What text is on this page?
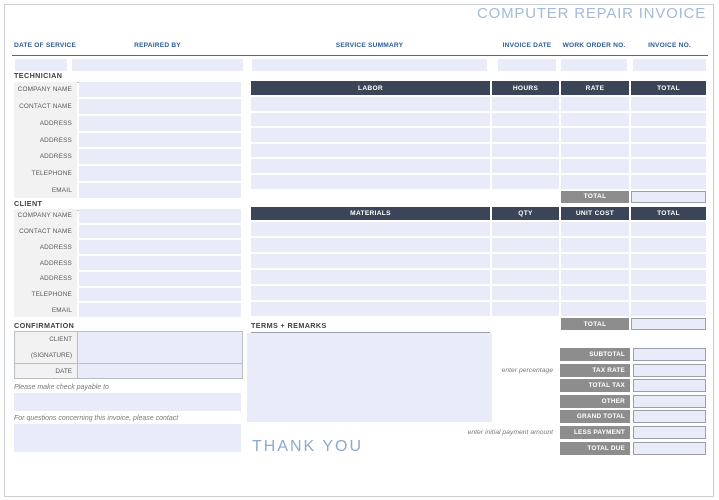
COMPUTER REPAIR INVOICE
DATE OF SERVICE	REPAIRED BY	SERVICE SUMMARY	INVOICE DATE	WORK ORDER NO.	INVOICE NO.
TECHNICIAN
COMPANY NAME
CONTACT NAME
ADDRESS
ADDRESS
ADDRESS
TELEPHONE
EMAIL
CLIENT
COMPANY NAME
CONTACT NAME
ADDRESS
ADDRESS
ADDRESS
TELEPHONE
EMAIL
CONFIRMATION
CLIENT
(SIGNATURE)
DATE
Please make check payable to
For questions concerning this invoice, please contact
LABOR	HOURS	RATE	TOTAL
TOTAL
MATERIALS	QTY	UNIT COST	TOTAL
TOTAL
TERMS + REMARKS
SUBTOTAL
TAX RATE
TOTAL TAX
OTHER
GRAND TOTAL
LESS PAYMENT
TOTAL DUE
enter percentage
enter initial payment amount
THANK YOU
